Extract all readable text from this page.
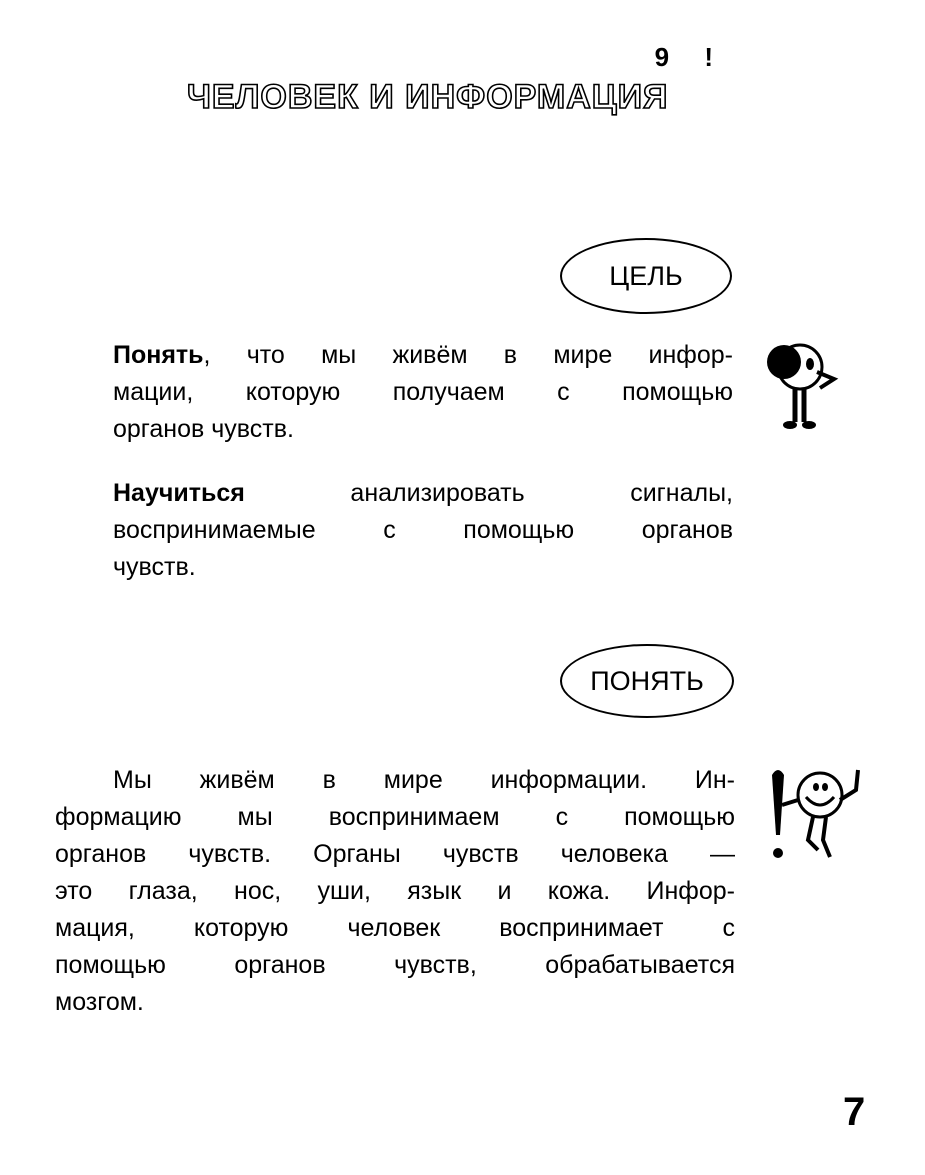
9 !
ЧЕЛОВЕК И ИНФОРМАЦИЯ
ЦЕЛЬ
Понять, что мы живём в мире инфор-
мации, которую получаем с помощью
органов чувств.
Научиться анализировать сигналы,
воспринимаемые с помощью органов
чувств.
ПОНЯТЬ
Мы живём в мире информации. Ин-
формацию мы воспринимаем с помощью
органов чувств. Органы чувств человека —
это глаза, нос, уши, язык и кожа. Инфор-
мация, которую человек воспринимает с
помощью органов чувств, обрабатывается
мозгом.
7
